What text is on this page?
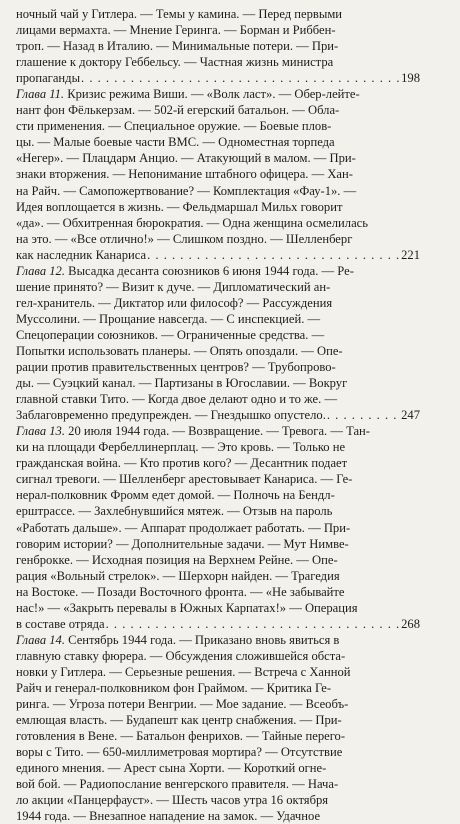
ночный чай у Гитлера. — Темы у камина. — Перед первыми
лицами вермахта. — Мнение Геринга. — Борман и Риббен-
троп. — Назад в Италию. — Минимальные потери. — При-
глашение к доктору Геббельсу. — Частная жизнь министра
пропаганды . . .	198
Глава 11. Кризис режима Виши. — «Волк ласт». — Обер-лейте-
нант фон Фёлькерзам. — 502-й егерский батальон. — Обла-
сти применения. — Специальное оружие. — Боевые плов-
цы. — Малые боевые части ВМС. — Одноместная торпеда
«Негер». — Плацдарм Анцио. — Атакующий в малом. — При-
знаки вторжения. — Непонимание штабного офицера. — Хан-
на Райч. — Самопожертвование? — Комплектация «Фау-1». —
Идея воплощается в жизнь. — Фельдмаршал Мильх говорит
«да». — Обхитренная бюрократия. — Одна женщина осмелилась
на это. — «Все отлично!» — Слишком поздно. — Шелленберг
как наследник Канариса . . .	221
Глава 12. Высадка десанта союзников 6 июня 1944 года. — Ре-
шение принято? — Визит к дуче. — Дипломатический ан-
гел-хранитель. — Диктатор или философ? — Рассуждения
Муссолини. — Прощание навсегда. — С инспекцией. —
Спецоперации союзников. — Ограниченные средства. —
Попытки использовать планеры. — Опять опоздали. — Опе-
рации против правительственных центров? — Трубопрово-
ды. — Суэцкий канал. — Партизаны в Югославии. — Вокруг
главной ставки Тито. — Когда двое делают одно и то же. —
Заблаговременно предупрежден. — Гнездышко опустело. . . .	247
Глава 13. 20 июля 1944 года. — Возвращение. — Тревога. — Тан-
ки на площади Фербеллинерплац. — Это кровь. — Только не
гражданская война. — Кто против кого? — Десантник подает
сигнал тревоги. — Шелленберг арестовывает Канариса. — Ге-
нерал-полковник Фромм едет домой. — Полночь на Бендл-
ерштрассе. — Захлебнувшийся мятеж. — Отзыв на пароль
«Работать дальше». — Аппарат продолжает работать. — При-
говорим истории? — Дополнительные задачи. — Мут Нимве-
генброкке. — Исходная позиция на Верхнем Рейне. — Опе-
рация «Вольный стрелок». — Шерхорн найден. — Трагедия
на Востоке. — Позади Восточного фронта. — «Не забывайте
нас!» — «Закрыть перевалы в Южных Карпатах!» — Операция
в составе отряда . . .	268
Глава 14. Сентябрь 1944 года. — Приказано вновь явиться в
главную ставку фюрера. — Обсуждения сложившейся обста-
новки у Гитлера. — Серьезные решения. — Встреча с Ханной
Райч и генерал-полковником фон Граймом. — Критика Ге-
ринга. — Угроза потери Венгрии. — Мое задание. — Всеобъ-
емлющая власть. — Будапешт как центр снабжения. — При-
готовления в Вене. — Батальон фенрихов. — Тайные перего-
воры с Тито. — 650-миллиметровая мортира? — Отсутствие
единого мнения. — Арест сына Хорти. — Короткий огне-
вой бой. — Радиопослание венгерского правителя. — Нача-
ло акции «Панцерфауст». — Шесть часов утра 16 октября
1944 года. — Внезапное нападение на замок. — Удачное
